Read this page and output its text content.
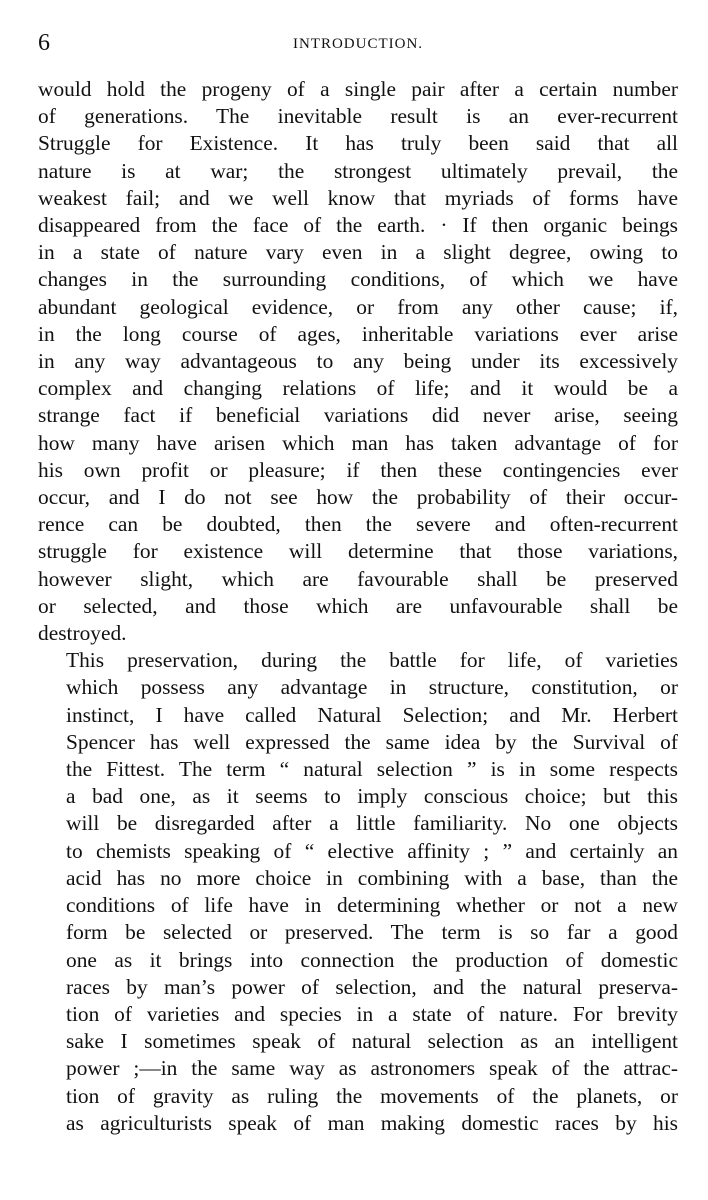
6	INTRODUCTION.

would hold the progeny of a single pair after a certain number
of generations. The inevitable result is an ever-recurrent
Struggle for Existence. It has truly been said that all
nature is at war; the strongest ultimately prevail, the
weakest fail; and we well know that myriads of forms have
disappeared from the face of the earth. · If then organic beings
in a state of nature vary even in a slight degree, owing to
changes in the surrounding conditions, of which we have
abundant geological evidence, or from any other cause; if,
in the long course of ages, inheritable variations ever arise
in any way advantageous to any being under its excessively
complex and changing relations of life; and it would be a
strange fact if beneficial variations did never arise, seeing
how many have arisen which man has taken advantage of for
his own profit or pleasure; if then these contingencies ever
occur, and I do not see how the probability of their occur-
rence can be doubted, then the severe and often-recurrent
struggle for existence will determine that those variations,
however slight, which are favourable shall be preserved
or selected, and those which are unfavourable shall be
destroyed.

This preservation, during the battle for life, of varieties
which possess any advantage in structure, constitution, or
instinct, I have called Natural Selection; and Mr. Herbert
Spencer has well expressed the same idea by the Survival of
the Fittest. The term “ natural selection ” is in some respects
a bad one, as it seems to imply conscious choice; but this
will be disregarded after a little familiarity. No one objects
to chemists speaking of “ elective affinity ; ” and certainly an
acid has no more choice in combining with a base, than the
conditions of life have in determining whether or not a new
form be selected or preserved. The term is so far a good
one as it brings into connection the production of domestic
races by man’s power of selection, and the natural preserva-
tion of varieties and species in a state of nature. For brevity
sake I sometimes speak of natural selection as an intelligent
power ;—in the same way as astronomers speak of the attrac-
tion of gravity as ruling the movements of the planets, or
as agriculturists speak of man making domestic races by his
